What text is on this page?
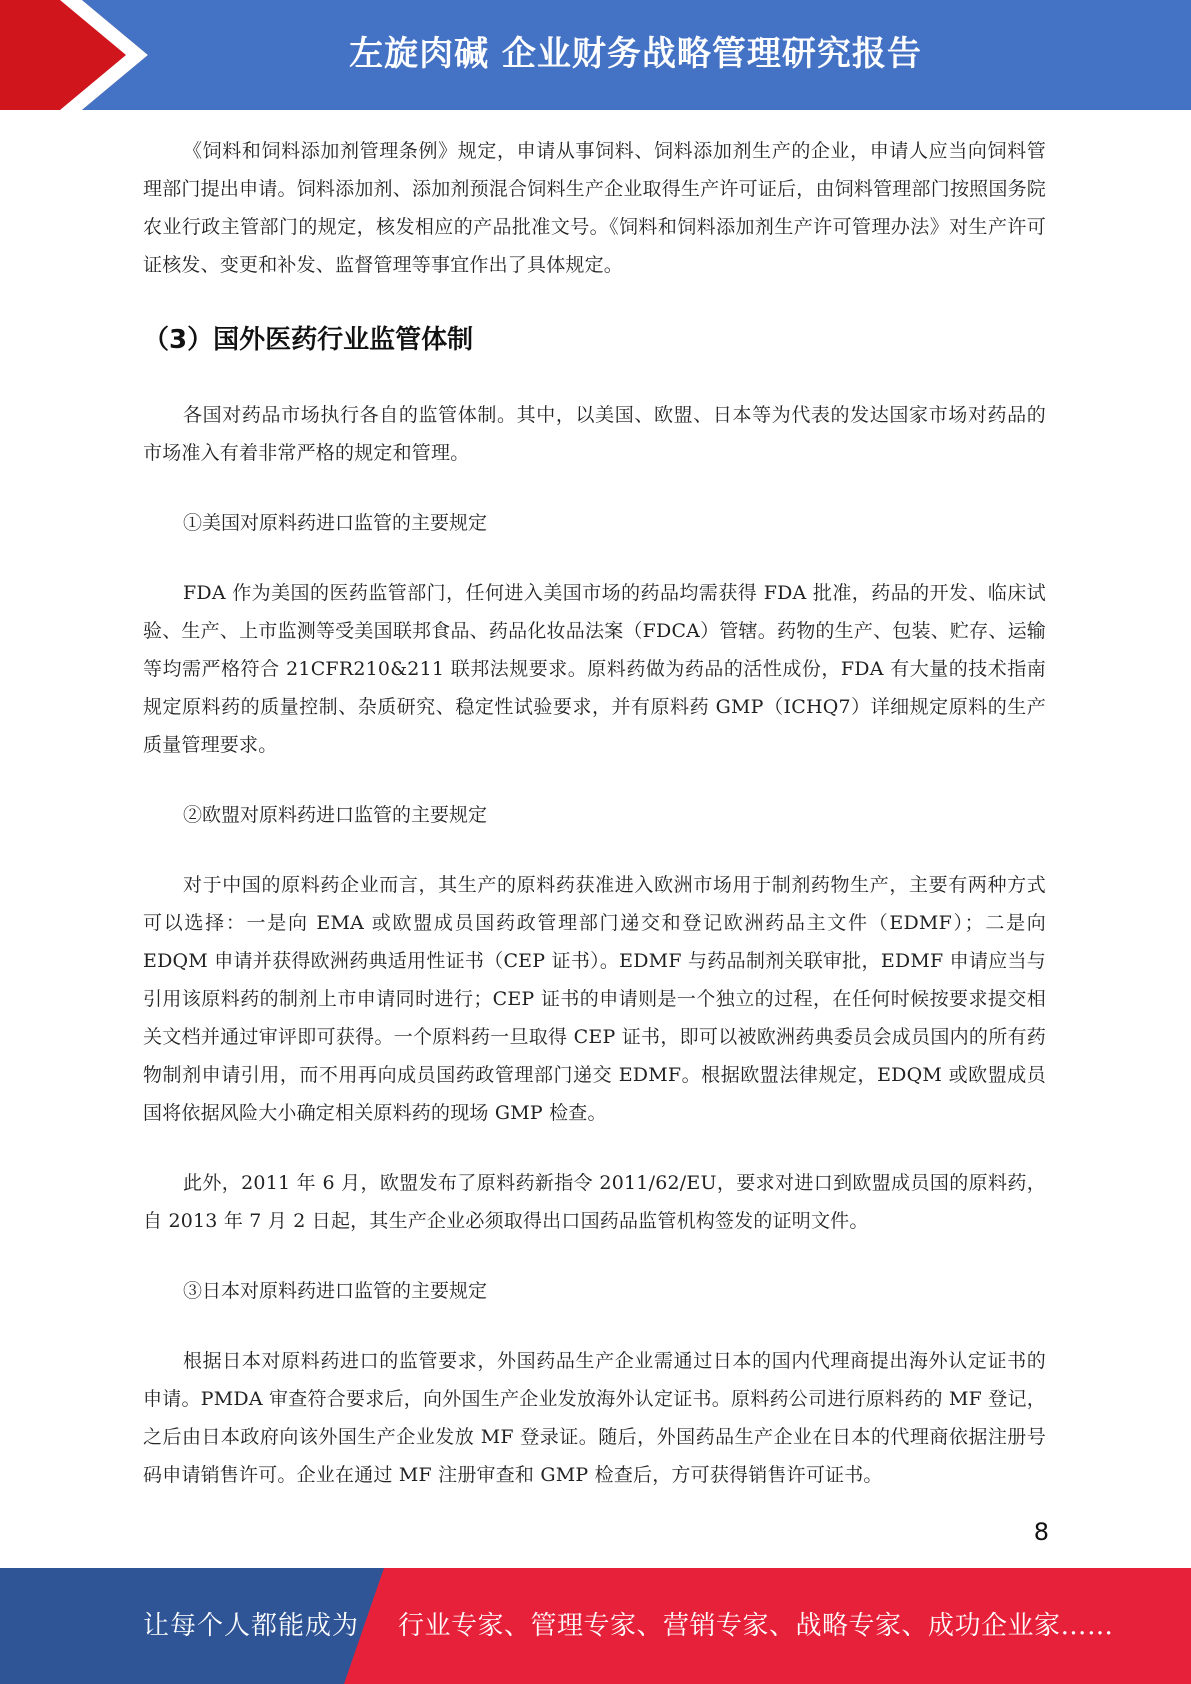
左旋肉碱 企业财务战略管理研究报告

《饲料和饲料添加剂管理条例》规定，申请从事饲料、饲料添加剂生产的企业，申请人应当向饲料管理部门提出申请。饲料添加剂、添加剂预混合饲料生产企业取得生产许可证后，由饲料管理部门按照国务院农业行政主管部门的规定，核发相应的产品批准文号。《饲料和饲料添加剂生产许可管理办法》对生产许可证核发、变更和补发、监督管理等事宜作出了具体规定。

（3）国外医药行业监管体制

各国对药品市场执行各自的监管体制。其中，以美国、欧盟、日本等为代表的发达国家市场对药品的市场准入有着非常严格的规定和管理。

①美国对原料药进口监管的主要规定

FDA 作为美国的医药监管部门，任何进入美国市场的药品均需获得 FDA 批准，药品的开发、临床试验、生产、上市监测等受美国联邦食品、药品化妆品法案（FDCA）管辖。药物的生产、包装、贮存、运输等均需严格符合 21CFR210&211 联邦法规要求。原料药做为药品的活性成份，FDA 有大量的技术指南规定原料药的质量控制、杂质研究、稳定性试验要求，并有原料药 GMP（ICHQ7）详细规定原料的生产质量管理要求。

②欧盟对原料药进口监管的主要规定

对于中国的原料药企业而言，其生产的原料药获准进入欧洲市场用于制剂药物生产，主要有两种方式可以选择：一是向 EMA 或欧盟成员国药政管理部门递交和登记欧洲药品主文件（EDMF）；二是向 EDQM 申请并获得欧洲药典适用性证书（CEP 证书）。EDMF 与药品制剂关联审批，EDMF 申请应当与引用该原料药的制剂上市申请同时进行；CEP 证书的申请则是一个独立的过程，在任何时候按要求提交相关文档并通过审评即可获得。一个原料药一旦取得 CEP 证书，即可以被欧洲药典委员会成员国内的所有药物制剂申请引用，而不用再向成员国药政管理部门递交 EDMF。根据欧盟法律规定，EDQM 或欧盟成员国将依据风险大小确定相关原料药的现场 GMP 检查。

此外，2011 年 6 月，欧盟发布了原料药新指令 2011/62/EU，要求对进口到欧盟成员国的原料药，自 2013 年 7 月 2 日起，其生产企业必须取得出口国药品监管机构签发的证明文件。

③日本对原料药进口监管的主要规定

根据日本对原料药进口的监管要求，外国药品生产企业需通过日本的国内代理商提出海外认定证书的申请。PMDA 审查符合要求后，向外国生产企业发放海外认定证书。原料药公司进行原料药的 MF 登记，之后由日本政府向该外国生产企业发放 MF 登录证。随后，外国药品生产企业在日本的代理商依据注册号码申请销售许可。企业在通过 MF 注册审查和 GMP 检查后，方可获得销售许可证书。

8
让每个人都能成为 行业专家、管理专家、营销专家、战略专家、成功企业家……
